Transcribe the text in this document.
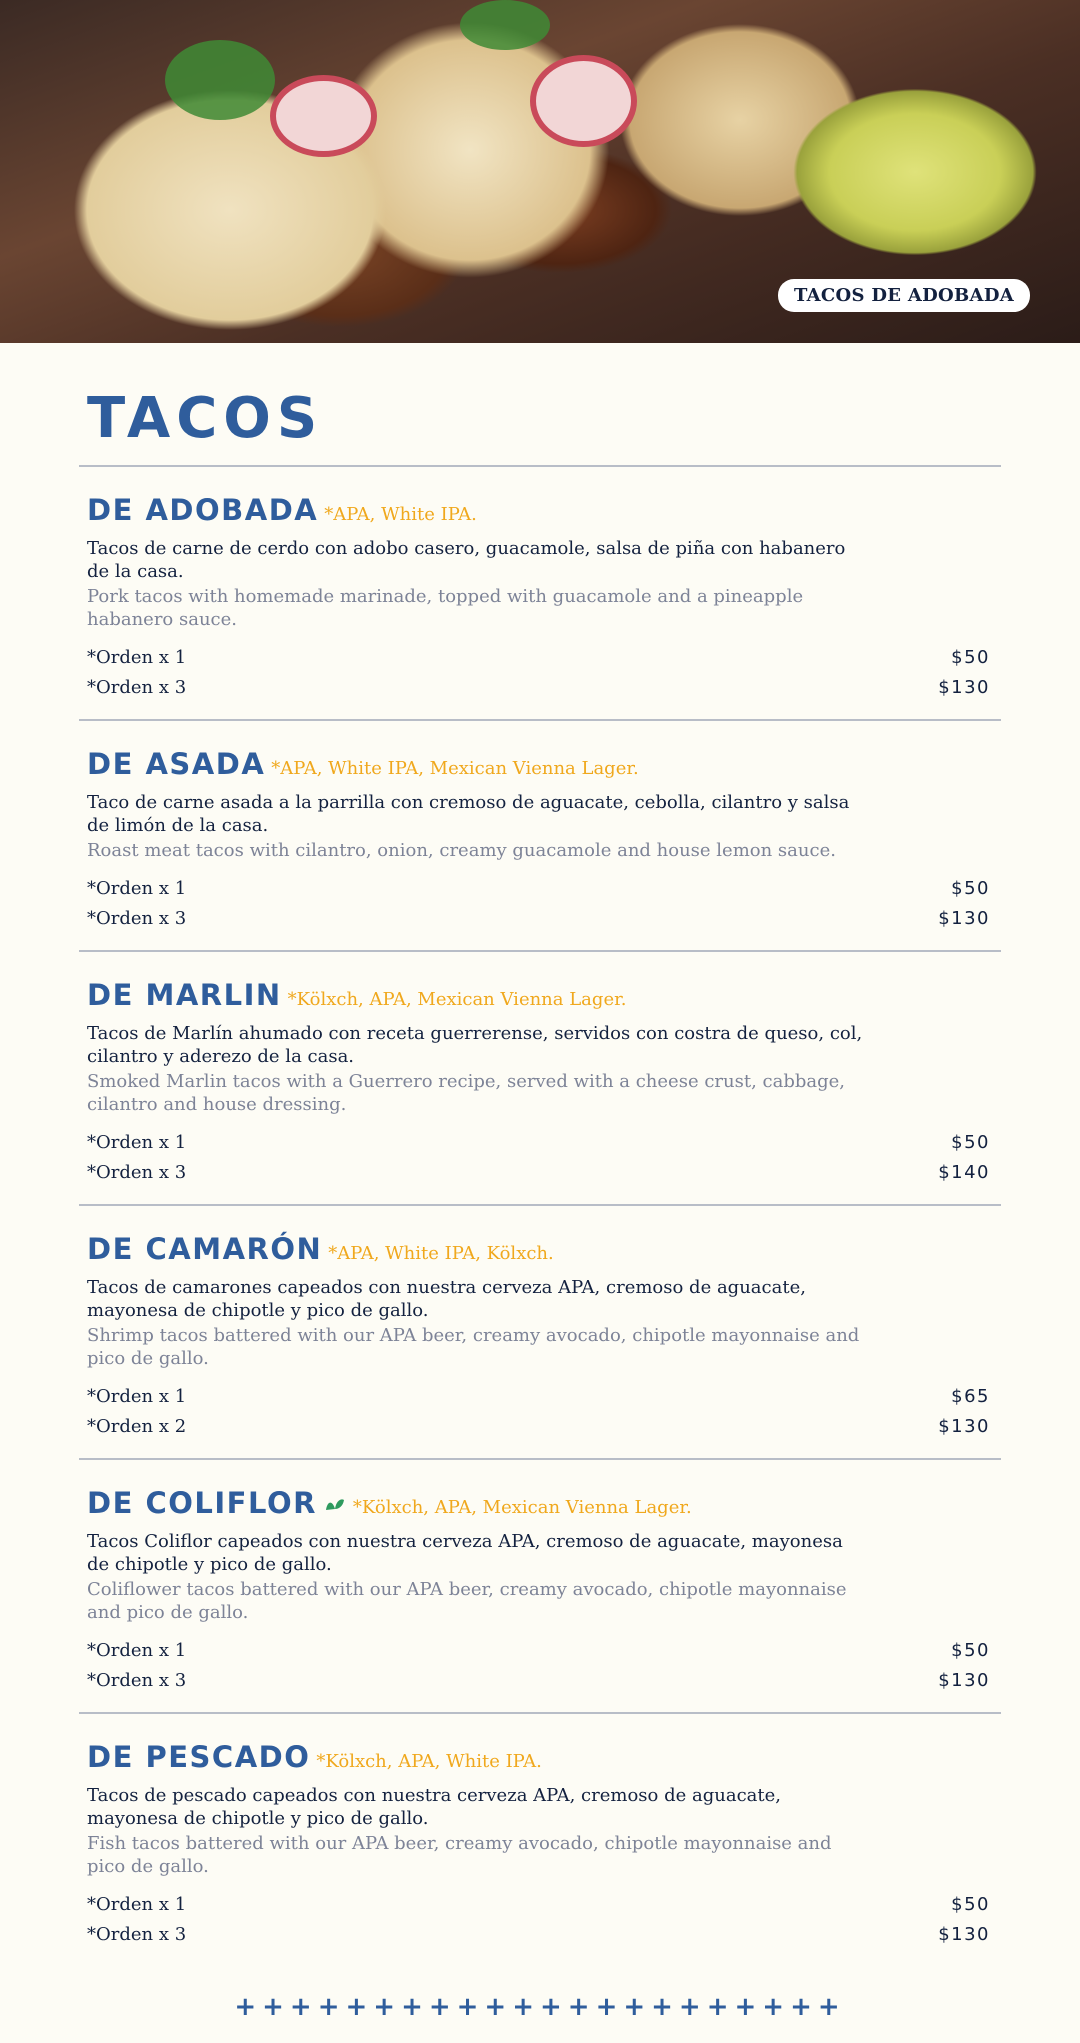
TACOS DE ADOBADA
TACOS
DE ADOBADA *APA, White IPA.
Tacos de carne de cerdo con adobo casero, guacamole, salsa de piña con habanero de la casa.
Pork tacos with homemade marinade, topped with guacamole and a pineapple habanero sauce.
*Orden x 1	$50
*Orden x 3	$130
DE ASADA *APA, White IPA, Mexican Vienna Lager.
Taco de carne asada a la parrilla con cremoso de aguacate, cebolla, cilantro y salsa de limón de la casa.
Roast meat tacos with cilantro, onion, creamy guacamole and house lemon sauce.
*Orden x 1	$50
*Orden x 3	$130
DE MARLIN *Kölxch, APA, Mexican Vienna Lager.
Tacos de Marlín ahumado con receta guerrerense, servidos con costra de queso, col, cilantro y aderezo de la casa.
Smoked Marlin tacos with a Guerrero recipe, served with a cheese crust, cabbage, cilantro and house dressing.
*Orden x 1	$50
*Orden x 3	$140
DE CAMARÓN *APA, White IPA, Kölxch.
Tacos de camarones capeados con nuestra cerveza APA, cremoso de aguacate, mayonesa de chipotle y pico de gallo.
Shrimp tacos battered with our APA beer, creamy avocado, chipotle mayonnaise and pico de gallo.
*Orden x 1	$65
*Orden x 2	$130
DE COLIFLOR *Kölxch, APA, Mexican Vienna Lager.
Tacos Coliflor capeados con nuestra cerveza APA, cremoso de aguacate, mayonesa de chipotle y pico de gallo.
Coliflower tacos battered with our APA beer, creamy avocado, chipotle mayonnaise and pico de gallo.
*Orden x 1	$50
*Orden x 3	$130
DE PESCADO *Kölxch, APA, White IPA.
Tacos de pescado capeados con nuestra cerveza APA, cremoso de aguacate, mayonesa de chipotle y pico de gallo.
Fish tacos battered with our APA beer, creamy avocado, chipotle mayonnaise and pico de gallo.
*Orden x 1	$50
*Orden x 3	$130
++++++++++++++++++++++
